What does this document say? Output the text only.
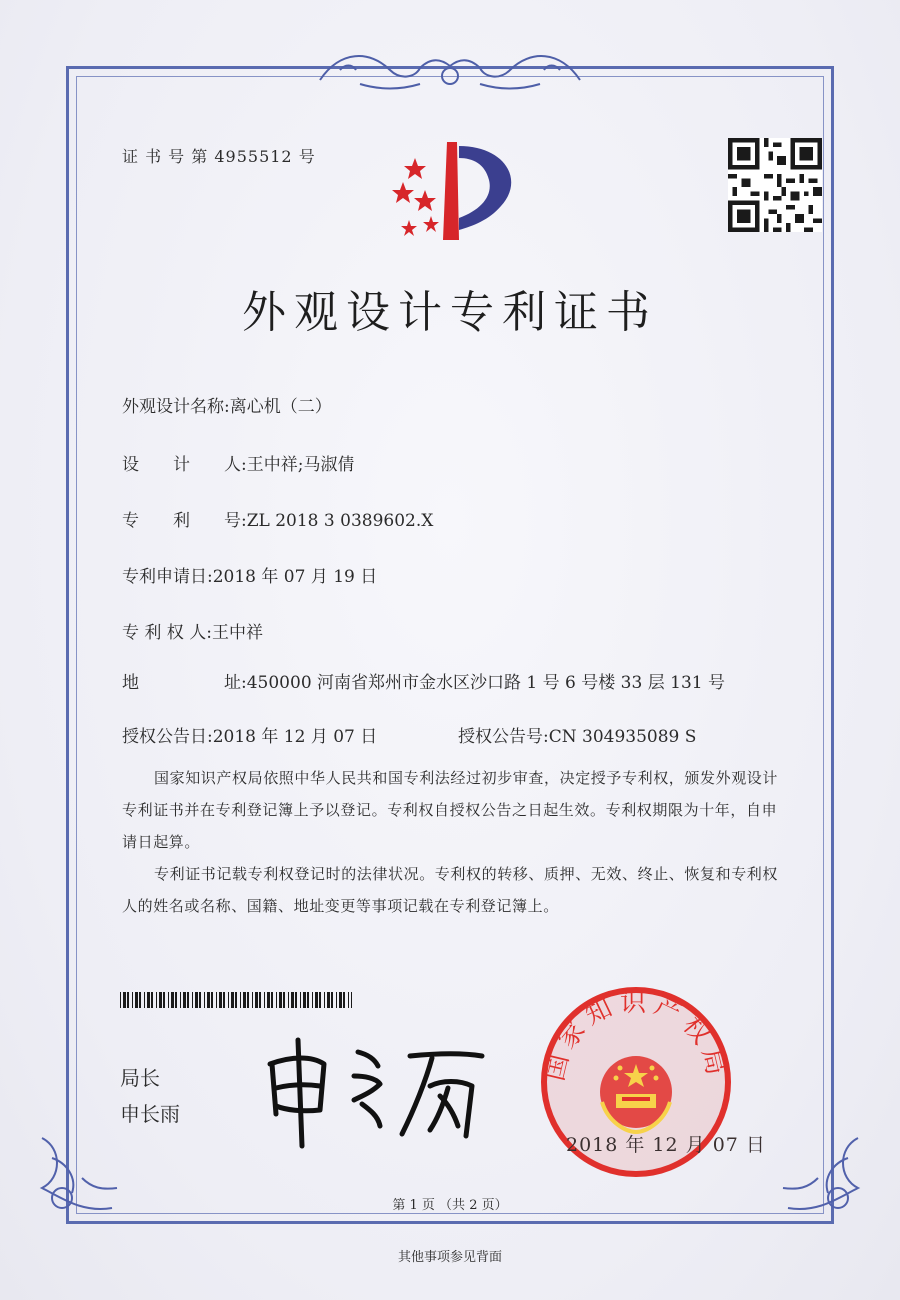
证 书 号 第 4955512 号
外观设计专利证书
外观设计名称:离心机（二）
设　　计　　人:王中祥;马淑倩
专　　利　　号:ZL 2018 3 0389602.X
专利申请日:2018 年 07 月 19 日
专 利 权 人:王中祥
地　　　　　址:450000 河南省郑州市金水区沙口路 1 号 6 号楼 33 层 131 号
授权公告日:2018 年 12 月 07 日	授权公告号:CN 304935089 S
国家知识产权局依照中华人民共和国专利法经过初步审查，决定授予专利权，颁发外观设计专利证书并在专利登记簿上予以登记。专利权自授权公告之日起生效。专利权期限为十年，自申请日起算。
专利证书记载专利权登记时的法律状况。专利权的转移、质押、无效、终止、恢复和专利权人的姓名或名称、国籍、地址变更等事项记载在专利登记簿上。
局长
申长雨
国家知识产权局
2018 年 12 月 07 日
第 1 页 （共 2 页）
其他事项参见背面
